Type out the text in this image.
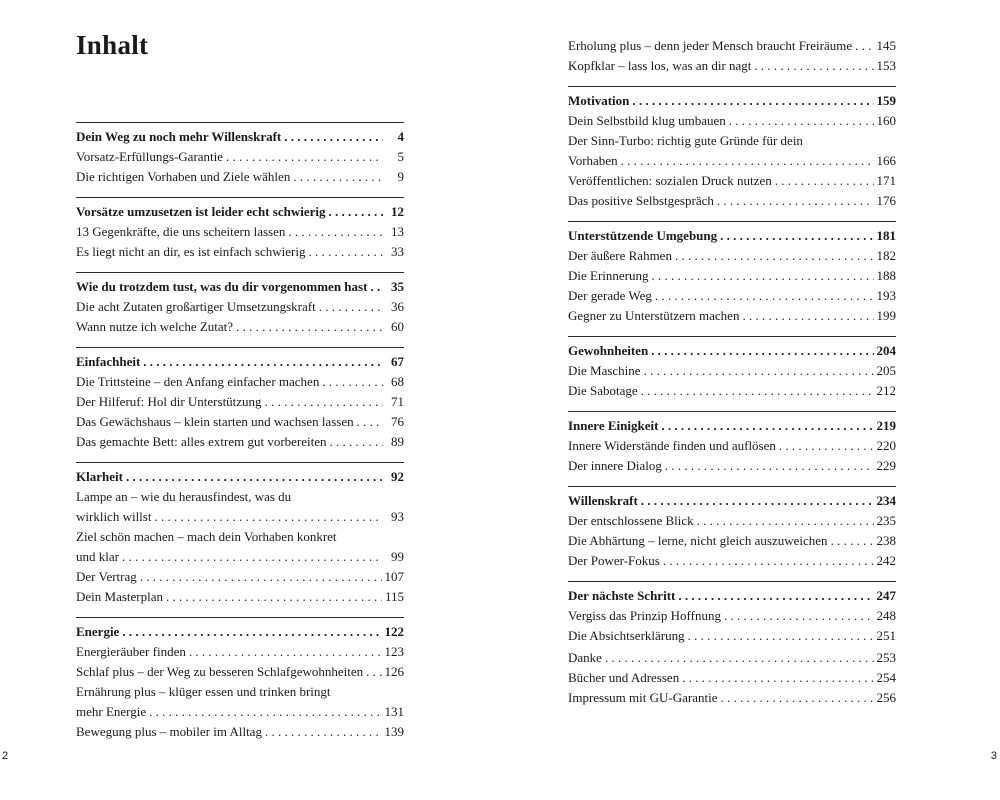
Inhalt
Dein Weg zu noch mehr Willenskraft . . .	4
Vorsatz-Erfüllungs-Garantie . . .	5
Die richtigen Vorhaben und Ziele wählen . . .	9
Vorsätze umzusetzen ist leider echt schwierig . . .	12
13 Gegenkräfte, die uns scheitern lassen . . .	13
Es liegt nicht an dir, es ist einfach schwierig . . .	33
Wie du trotzdem tust, was du dir vorgenommen hast . . .	35
Die acht Zutaten großartiger Umsetzungskraft . . .	36
Wann nutze ich welche Zutat? . . .	60
Einfachheit . . .	67
Die Trittsteine – den Anfang einfacher machen . . .	68
Der Hilferuf: Hol dir Unterstützung . . .	71
Das Gewächshaus – klein starten und wachsen lassen . . .	76
Das gemachte Bett: alles extrem gut vorbereiten . . .	89
Klarheit . . .	92
Lampe an – wie du herausfindest, was du
wirklich willst . . .	93
Ziel schön machen – mach dein Vorhaben konkret
und klar . . .	99
Der Vertrag . . .	107
Dein Masterplan . . .	115
Energie . . .	122
Energieräuber finden . . .	123
Schlaf plus – der Weg zu besseren Schlafgewohnheiten . . . 126
Ernährung plus – klüger essen und trinken bringt
mehr Energie . . .	131
Bewegung plus – mobiler im Alltag . . .	139
2
Erholung plus – denn jeder Mensch braucht Freiräume . . . 145
Kopfklar – lass los, was an dir nagt . . .	153
Motivation . . .	159
Dein Selbstbild klug umbauen . . .	160
Der Sinn-Turbo: richtig gute Gründe für dein
Vorhaben . . .	166
Veröffentlichen: sozialen Druck nutzen . . .	171
Das positive Selbstgespräch . . .	176
Unterstützende Umgebung . . .	181
Der äußere Rahmen . . .	182
Die Erinnerung . . .	188
Der gerade Weg . . .	193
Gegner zu Unterstützern machen . . .	199
Gewohnheiten . . .	204
Die Maschine . . .	205
Die Sabotage . . .	212
Innere Einigkeit . . .	219
Innere Widerstände finden und auflösen . . .	220
Der innere Dialog . . .	229
Willenskraft . . .	234
Der entschlossene Blick . . .	235
Die Abhärtung – lerne, nicht gleich auszuweichen . . .	238
Der Power-Fokus . . .	242
Der nächste Schritt . . .	247
Vergiss das Prinzip Hoffnung . . .	248
Die Absichtserklärung . . .	251
Danke . . .	253
Bücher und Adressen . . .	254
Impressum mit GU-Garantie . . .	256
3
